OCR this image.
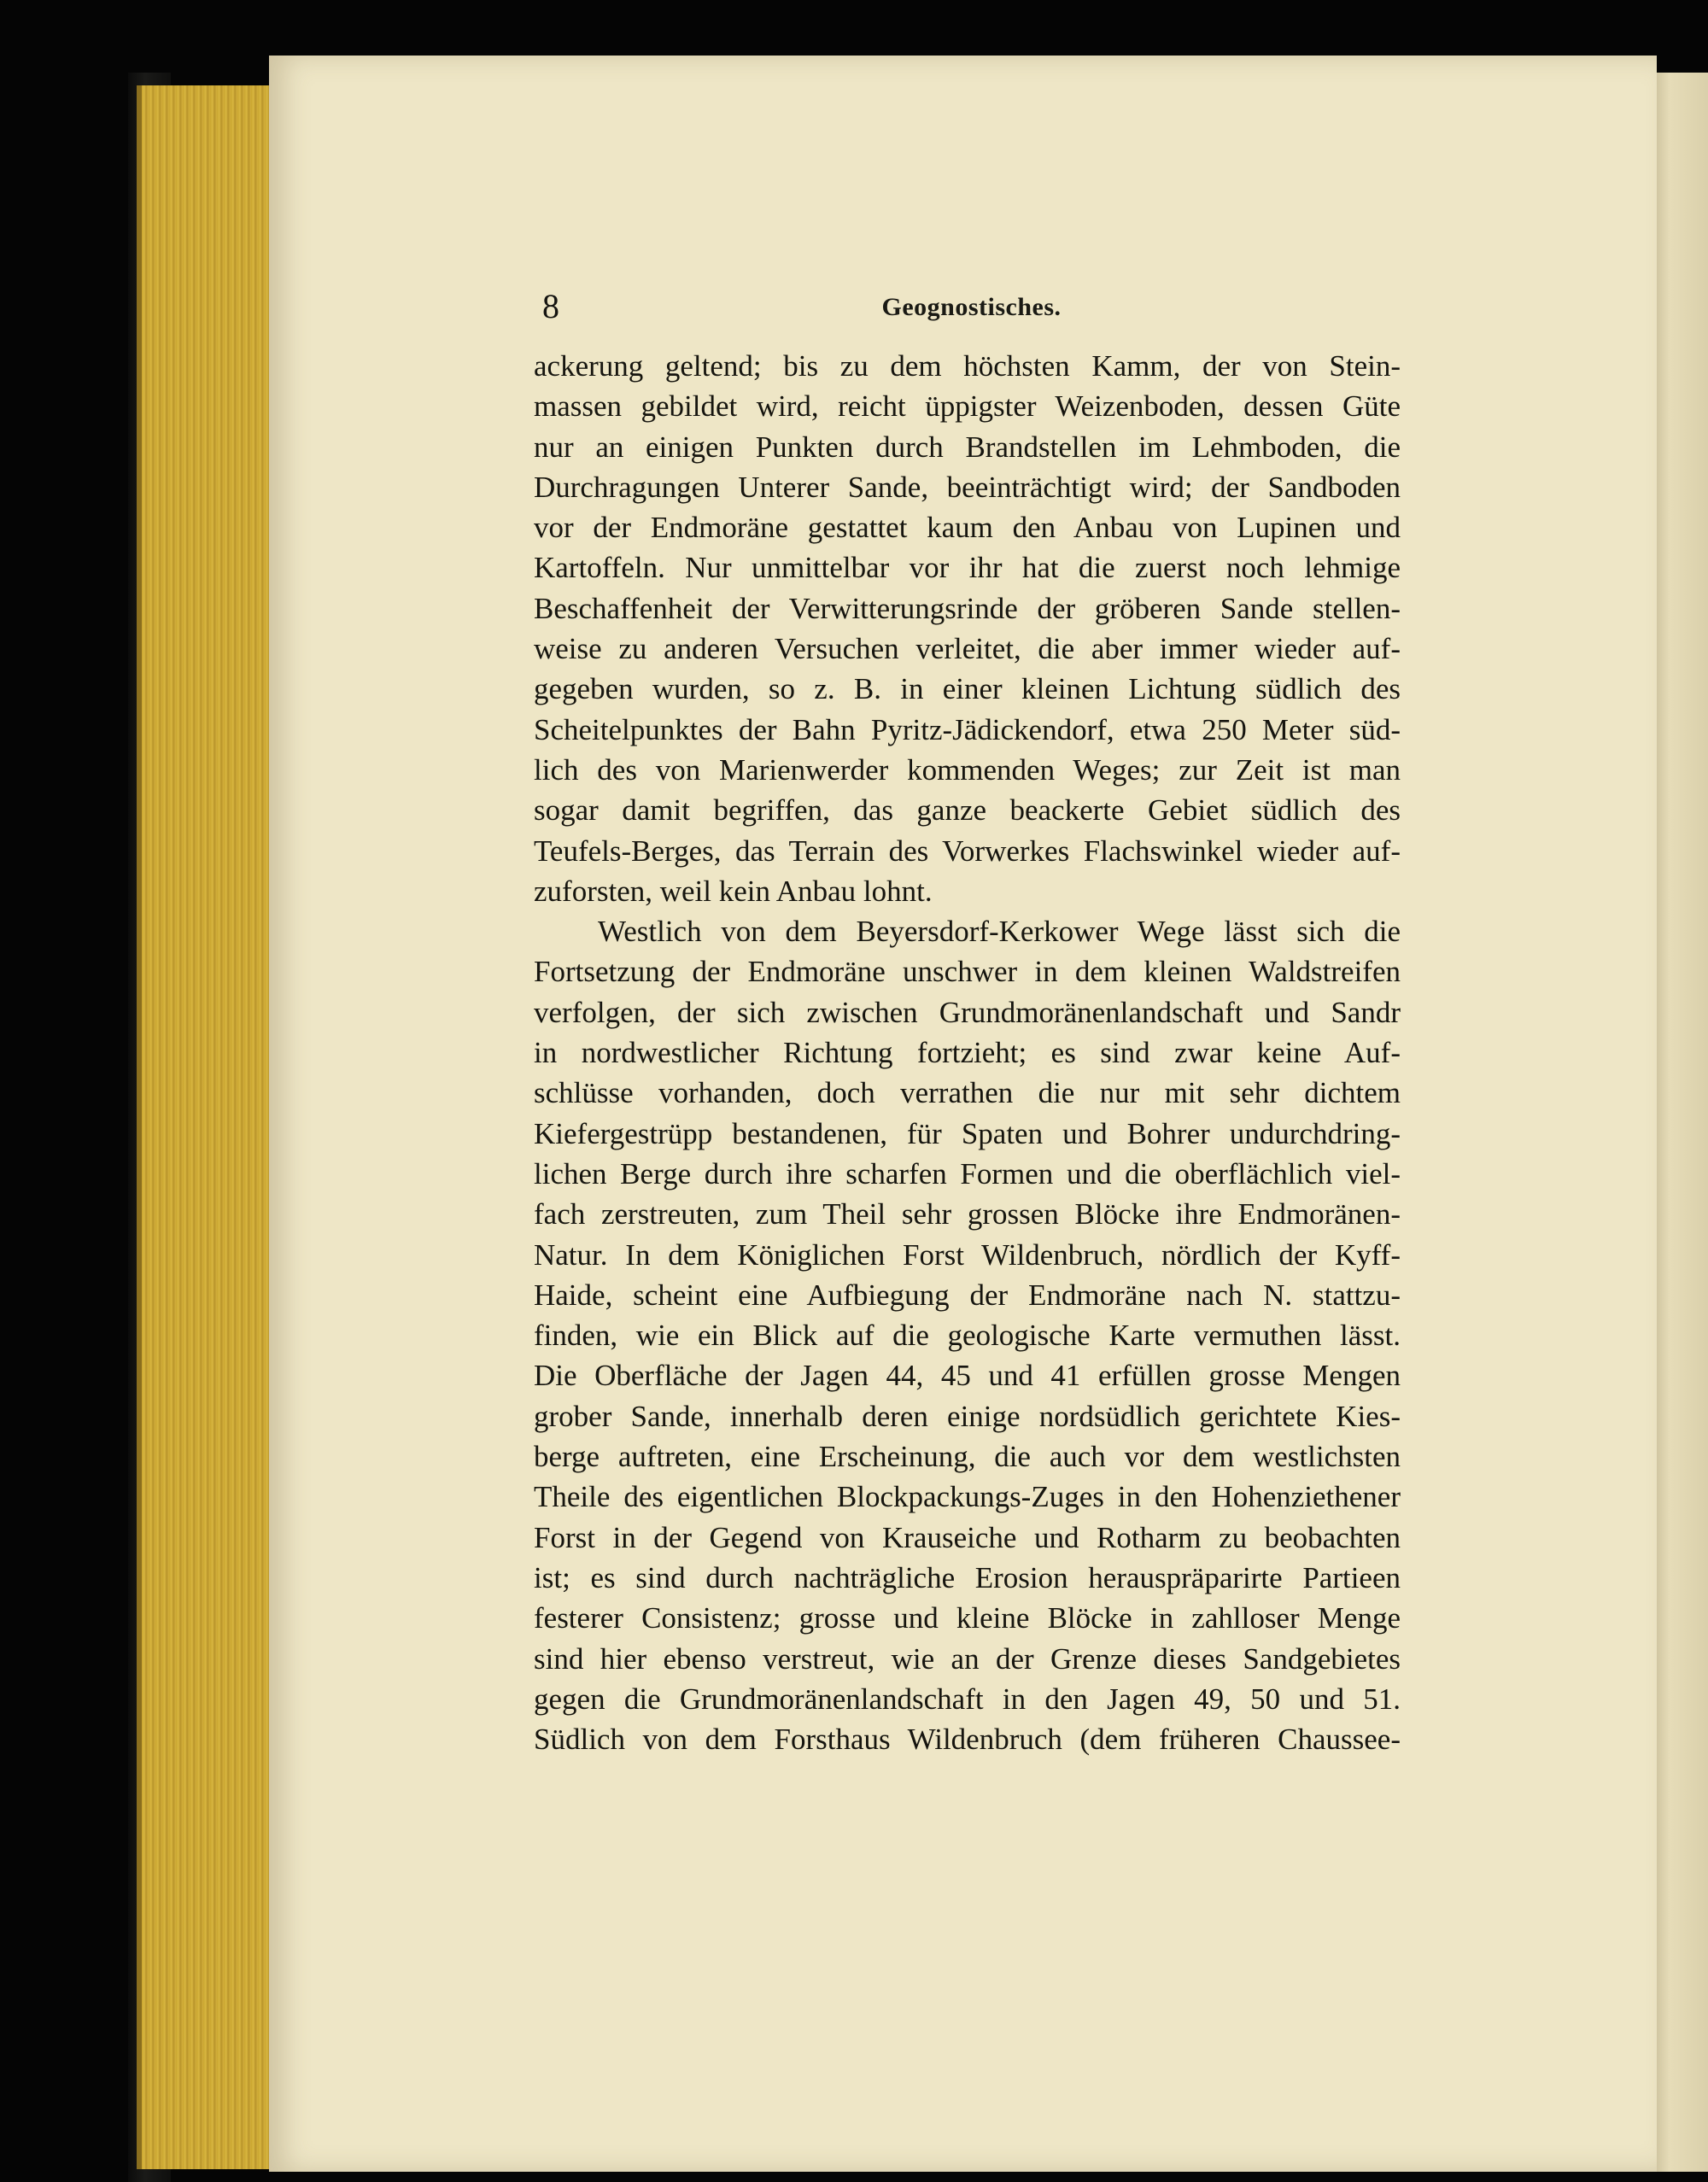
8	Geognostisches.
ackerung geltend; bis zu dem höchsten Kamm, der von Stein-
massen gebildet wird, reicht üppigster Weizenboden, dessen Güte
nur an einigen Punkten durch Brandstellen im Lehmboden, die
Durchragungen Unterer Sande, beeinträchtigt wird; der Sandboden
vor der Endmoräne gestattet kaum den Anbau von Lupinen und
Kartoffeln. Nur unmittelbar vor ihr hat die zuerst noch lehmige
Beschaffenheit der Verwitterungsrinde der gröberen Sande stellen-
weise zu anderen Versuchen verleitet, die aber immer wieder auf-
gegeben wurden, so z. B. in einer kleinen Lichtung südlich des
Scheitelpunktes der Bahn Pyritz-Jädickendorf, etwa 250 Meter süd-
lich des von Marienwerder kommenden Weges; zur Zeit ist man
sogar damit begriffen, das ganze beackerte Gebiet südlich des
Teufels-Berges, das Terrain des Vorwerkes Flachswinkel wieder auf-
zuforsten, weil kein Anbau lohnt.
Westlich von dem Beyersdorf-Kerkower Wege lässt sich die
Fortsetzung der Endmoräne unschwer in dem kleinen Waldstreifen
verfolgen, der sich zwischen Grundmoränenlandschaft und Sandr
in nordwestlicher Richtung fortzieht; es sind zwar keine Auf-
schlüsse vorhanden, doch verrathen die nur mit sehr dichtem
Kiefergestrüpp bestandenen, für Spaten und Bohrer undurchdring-
lichen Berge durch ihre scharfen Formen und die oberflächlich viel-
fach zerstreuten, zum Theil sehr grossen Blöcke ihre Endmoränen-
Natur. In dem Königlichen Forst Wildenbruch, nördlich der Kyff-
Haide, scheint eine Aufbiegung der Endmoräne nach N. stattzu-
finden, wie ein Blick auf die geologische Karte vermuthen lässt.
Die Oberfläche der Jagen 44, 45 und 41 erfüllen grosse Mengen
grober Sande, innerhalb deren einige nordsüdlich gerichtete Kies-
berge auftreten, eine Erscheinung, die auch vor dem westlichsten
Theile des eigentlichen Blockpackungs-Zuges in den Hohenziethener
Forst in der Gegend von Krauseiche und Rotharm zu beobachten
ist; es sind durch nachträgliche Erosion herauspräparirte Partieen
festerer Consistenz; grosse und kleine Blöcke in zahlloser Menge
sind hier ebenso verstreut, wie an der Grenze dieses Sandgebietes
gegen die Grundmoränenlandschaft in den Jagen 49, 50 und 51.
Südlich von dem Forsthaus Wildenbruch (dem früheren Chaussee-
